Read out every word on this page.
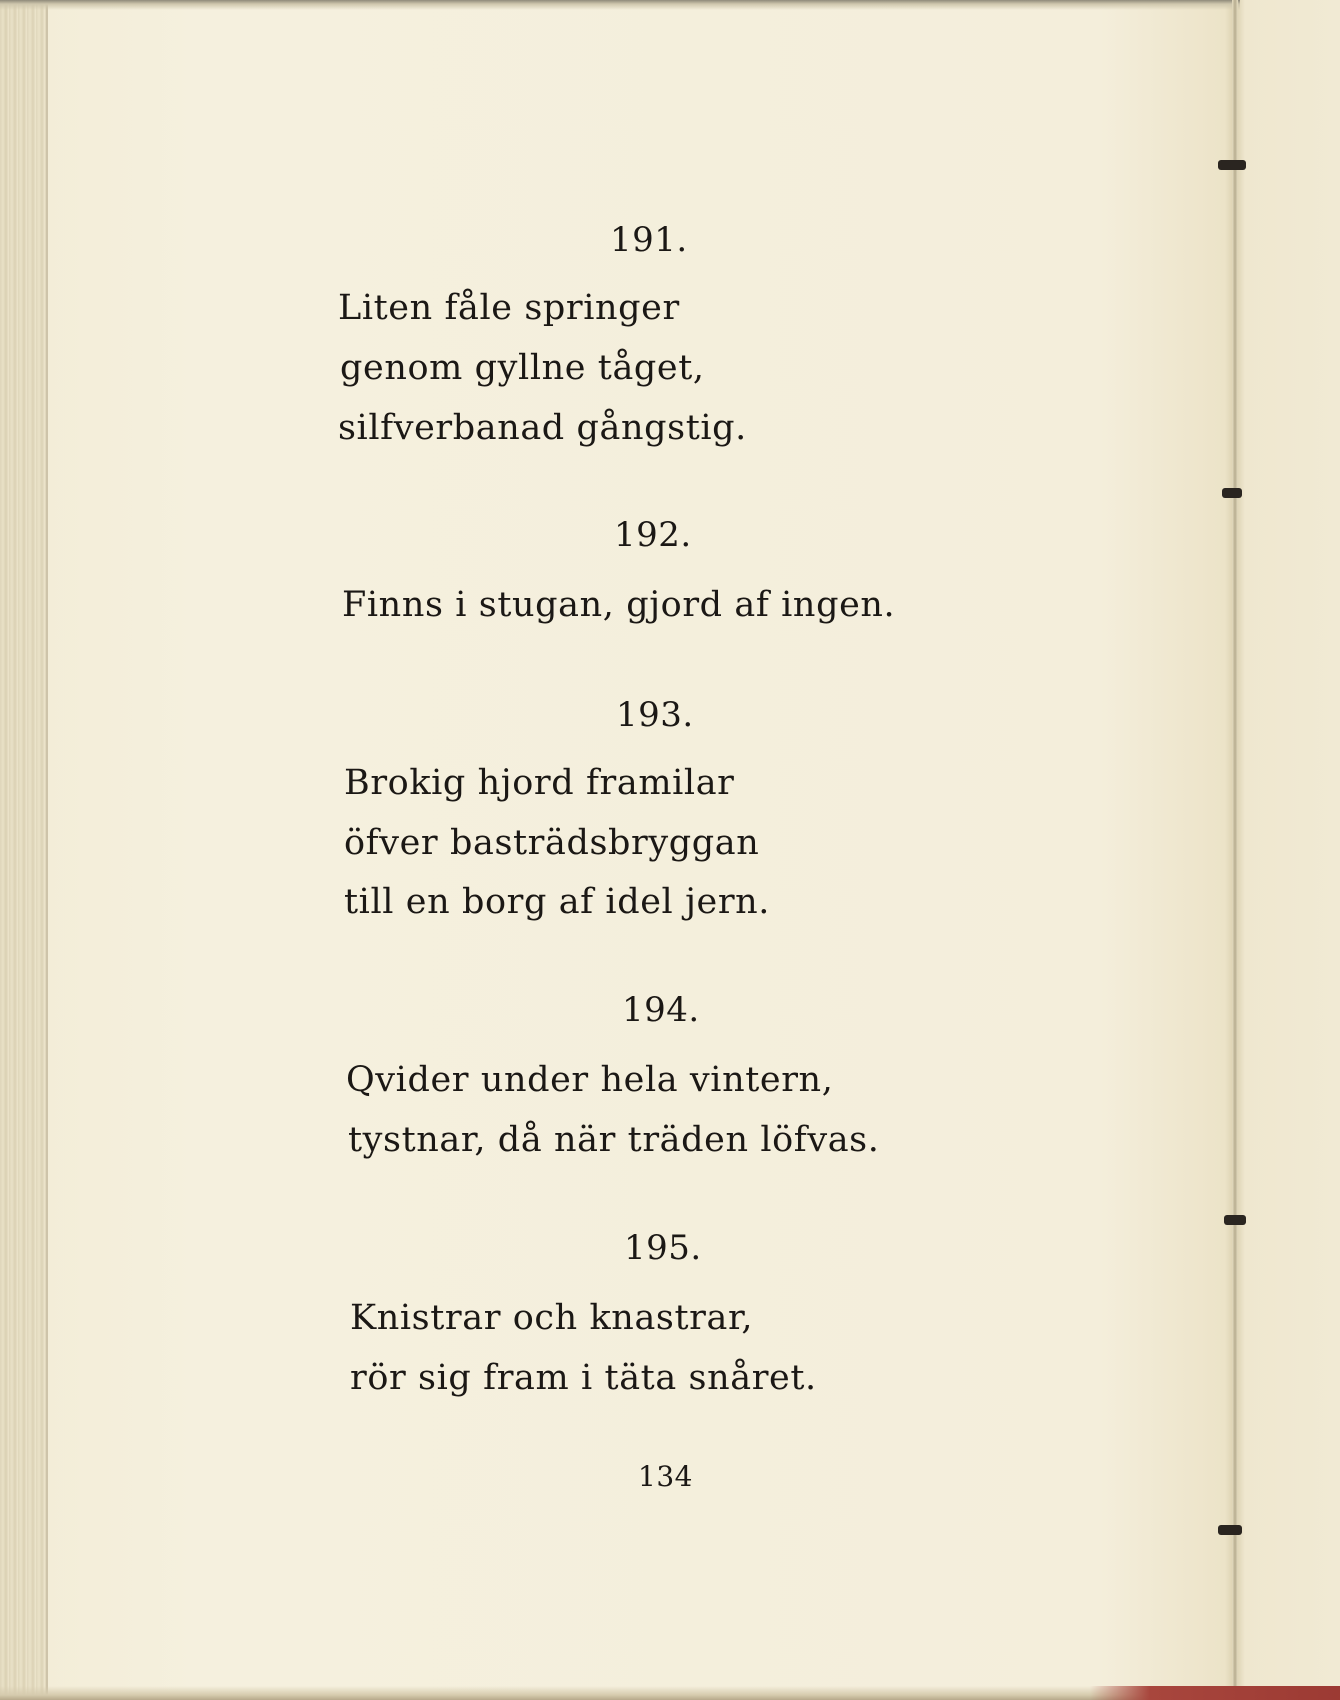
191.
Liten fåle springer
genom gyllne tåget,
silfverbanad gångstig.
192.
Finns i stugan, gjord af ingen.
193.
Brokig hjord framilar
öfver basträdsbryggan
till en borg af idel jern.
194.
Qvider under hela vintern,
tystnar, då när träden löfvas.
195.
Knistrar och knastrar,
rör sig fram i täta snåret.
134
